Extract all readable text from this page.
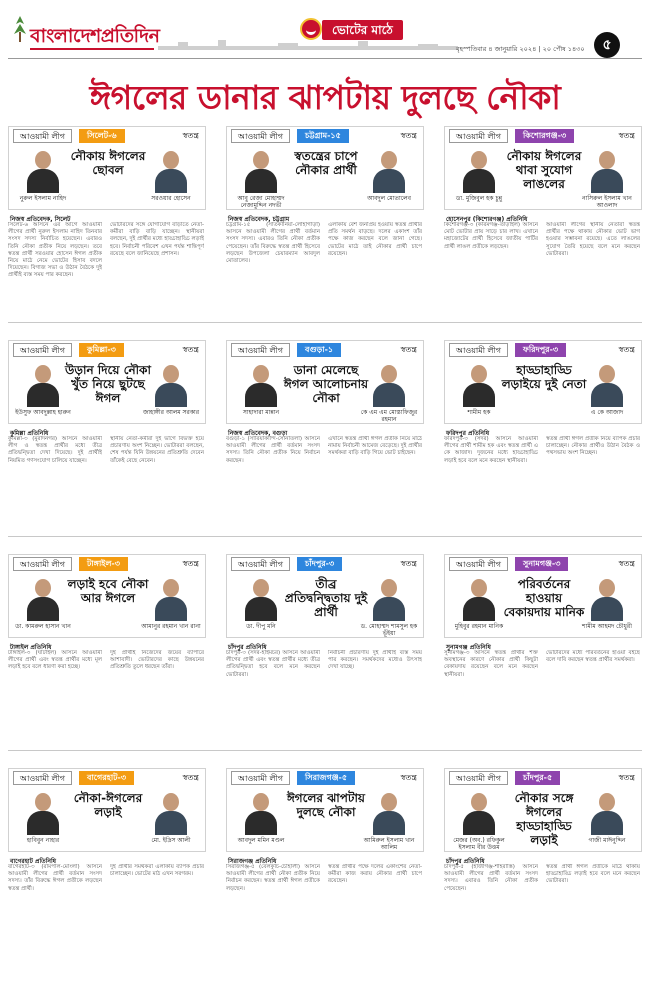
বাংলাদেশপ্রতিদিন	ভোটের মাঠে
বৃহস্পতিবার ৪ জানুয়ারি ২০২৪ | ২০ পৌষ ১৪৩০	৫
ঈগলের ডানার ঝাপটায় দুলছে নৌকা
আওয়ামী লীগ	সিলেট-৬	স্বতন্ত্র
নৌকায় ঈগলের ছোবল
নুরুল ইসলাম নাহিদ	সরওয়ার হোসেন
নিজস্ব প্রতিবেদক, সিলেট
সিলেট-৬ আসনে এর আগে আওয়ামী লীগের প্রার্থী নুরুল ইসলাম নাহিদ তিনবার সংসদ সদস্য নির্বাচিত হয়েছেন। এবারও তিনি নৌকা প্রতীক নিয়ে লড়ছেন। তবে স্বতন্ত্র প্রার্থী সরওয়ার হোসেন ঈগল প্রতীক নিয়ে মাঠে নেমে ভোটের হিসাব বদলে দিয়েছেন। বিগাজ সভা ও উঠান বৈঠকে দুই প্রার্থীই ব্যস্ত সময় পার করছেন।
ভোটারদের সঙ্গে যোগাযোগ বাড়াতে নেতা-কর্মীরা বাড়ি বাড়ি যাচ্ছেন। স্থানীয়রা বলছেন, দুই প্রার্থীর মধ্যে হাড্ডাহাড্ডি লড়াই হবে। নির্বাচনী পরিবেশ এখন পর্যন্ত শান্তিপূর্ণ রয়েছে বলে জানিয়েছে প্রশাসন।
আওয়ামী লীগ	চট্টগ্রাম-১৫	স্বতন্ত্র
স্বতন্ত্রের চাপে নৌকার প্রার্থী
আবু রেজা মোহাম্মদ নেজামুদ্দিন নদভী
আবদুল মোতালেব
নিজস্ব প্রতিবেদক, চট্টগ্রাম
চট্টগ্রাম-১৫ (সাতকানিয়া-লোহাগাড়া) আসনে আওয়ামী লীগের প্রার্থী বর্তমান সংসদ সদস্য। এবারও তিনি নৌকা প্রতীক পেয়েছেন। তাঁর বিরুদ্ধে স্বতন্ত্র প্রার্থী হিসেবে লড়ছেন উপজেলা চেয়ারম্যান আবদুল মোতালেব।
এলাকায় বেশ জনপ্রিয় হওয়ায় স্বতন্ত্র প্রার্থীর প্রতি সমর্থন বাড়ছে। দলের একাংশ তাঁর পক্ষে কাজ করছেন বলে জানা গেছে। ভোটের মাঠে তাই নৌকার প্রার্থী চাপে রয়েছেন।
আওয়ামী লীগ	কিশোরগঞ্জ-৩	স্বতন্ত্র
নৌকায় ঈগলের থাবা সুযোগ লাঙলের
ডা. মুজিবুল হক চুন্নু	নাসিরুল ইসলাম খান আওলাদ
হোসেনপুর (কিশোরগঞ্জ) প্রতিনিধি
কিশোরগঞ্জ-৩ (করিমগঞ্জ-তাড়াইল) আসনে মোট ভোটার প্রায় সাড়ে চার লাখ। এখানে মহাজোটের প্রার্থী হিসেবে জাতীয় পার্টির প্রার্থী লাঙল প্রতীকে লড়ছেন।
আওয়ামী লীগের স্থানীয় নেতারা স্বতন্ত্র প্রার্থীর পক্ষে থাকায় নৌকার ভোট ভাগ হওয়ার সম্ভাবনা রয়েছে। এতে লাঙলের সুযোগ তৈরি হয়েছে বলে মনে করছেন ভোটাররা।
আওয়ামী লীগ	কুমিল্লা-৩	স্বতন্ত্র
উড়ান দিয়ে নৌকা খুঁত নিয়ে ছুটছে ঈগল
ইউসুফ আবদুল্লাহ হারুন	জাহাঙ্গীর আলম সরকার
কুমিল্লা প্রতিনিধি
কুমিল্লা-৩ (মুরাদনগর) আসনে আওয়ামী লীগ ও স্বতন্ত্র প্রার্থীর মধ্যে তীব্র প্রতিদ্বন্দ্বিতা দেখা দিয়েছে। দুই প্রার্থীই নিয়মিত গণসংযোগ চালিয়ে যাচ্ছেন।
স্থানীয় নেতা-কর্মীরা দুই ভাগে বিভক্ত হয়ে প্রচারণায় অংশ নিচ্ছেন। ভোটাররা বলছেন, শেষ পর্যন্ত যিনি উন্নয়নের প্রতিশ্রুতি দেবেন তাঁকেই বেছে নেবেন।
আওয়ামী লীগ	বগুড়া-১	স্বতন্ত্র
ডানা মেলেছে ঈগল আলোচনায় নৌকা
সাহাদারা মান্নান	কে এম এম মোস্তাফিজুর রহমান
নিজস্ব প্রতিবেদক, বগুড়া
বগুড়া-১ (সারিয়াকান্দি-সোনাতলা) আসনে আওয়ামী লীগের প্রার্থী বর্তমান সংসদ সদস্য। তিনি নৌকা প্রতীক নিয়ে নির্বাচন করছেন।
এখানে স্বতন্ত্র প্রার্থী ঈগল প্রতীক নিয়ে মাঠে নামায় নির্বাচনী আমেজ বেড়েছে। দুই প্রার্থীর সমর্থকরা বাড়ি বাড়ি গিয়ে ভোট চাইছেন।
আওয়ামী লীগ	ফরিদপুর-৩	স্বতন্ত্র
হাড্ডাহাড্ডি লড়াইয়ে দুই নেতা
শামীম হক	এ কে আজাদ
ফরিদপুর প্রতিনিধি
ফরিদপুর-৩ (সদর) আসনে আওয়ামী লীগের প্রার্থী শামীম হক এবং স্বতন্ত্র প্রার্থী এ কে আজাদ। দুজনের মধ্যে হাড্ডাহাড্ডি লড়াই হবে বলে মনে করছেন স্থানীয়রা।
স্বতন্ত্র প্রার্থী ঈগল প্রতীক নিয়ে ব্যাপক প্রচার চালাচ্ছেন। নৌকার প্রার্থীও উঠান বৈঠক ও পথসভায় অংশ নিচ্ছেন।
আওয়ামী লীগ	টাঙ্গাইল-৩	স্বতন্ত্র
লড়াই হবে নৌকা আর ঈগলে
ডা. কামরুল হাসান খান	আমানুর রহমান খান রানা
টাঙ্গাইল প্রতিনিধি
টাঙ্গাইল-৩ (ঘাটাইল) আসনে আওয়ামী লীগের প্রার্থী এবং স্বতন্ত্র প্রার্থীর মধ্যে মূল লড়াই হবে বলে ধারণা করা হচ্ছে।
দুই প্রার্থীই নিজেদের জয়ের ব্যাপারে আশাবাদী। ভোটারদের কাছে উন্নয়নের প্রতিশ্রুতি তুলে ধরছেন তাঁরা।
আওয়ামী লীগ	চাঁদপুর-৩	স্বতন্ত্র
তীব্র প্রতিদ্বন্দ্বিতায় দুই প্রার্থী
ডা. দীপু মনি	ড. মোহাম্মদ শামসুল হক ভূঁইয়া
চাঁদপুর প্রতিনিধি
চাঁদপুর-৩ (সদর-হাইমচর) আসনে আওয়ামী লীগের প্রার্থী এবং স্বতন্ত্র প্রার্থীর মধ্যে তীব্র প্রতিদ্বন্দ্বিতা হবে বলে মনে করছেন ভোটাররা।
নির্বাচনী প্রচারণায় দুই প্রার্থীই ব্যস্ত সময় পার করছেন। সমর্থকদের মধ্যেও উৎসাহ দেখা যাচ্ছে।
আওয়ামী লীগ	সুনামগঞ্জ-৩	স্বতন্ত্র
পরিবর্তনের হাওয়ায় বেকায়দায় মানিক
মুহিবুর রহমান মানিক	শামীম আহমদ চৌধুরী
সুনামগঞ্জ প্রতিনিধি
সুনামগঞ্জ-৩ আসনে স্বতন্ত্র প্রার্থীর শক্ত অবস্থানের কারণে নৌকার প্রার্থী কিছুটা বেকায়দায় রয়েছেন বলে মনে করছেন স্থানীয়রা।
ভোটারদের মধ্যে পরিবর্তনের হাওয়া বইছে বলে দাবি করছেন স্বতন্ত্র প্রার্থীর সমর্থকরা।
আওয়ামী লীগ	বাগেরহাট-৩	স্বতন্ত্র
নৌকা-ঈগলের লড়াই
হাবিবুন নাহার	মো. ইদ্রিস আলী
বাগেরহাট প্রতিনিধি
বাগেরহাট-৩ (রামপাল-মোংলা) আসনে আওয়ামী লীগের প্রার্থী বর্তমান সংসদ সদস্য। তাঁর বিরুদ্ধে ঈগল প্রতীকে লড়ছেন স্বতন্ত্র প্রার্থী।
দুই প্রার্থীর সমর্থকরা এলাকায় ব্যাপক প্রচার চালাচ্ছেন। ভোটের মাঠ এখন সরগরম।
আওয়ামী লীগ	সিরাজগঞ্জ-৫	স্বতন্ত্র
ঈগলের ঝাপটায় দুলছে নৌকা
আবদুল মমিন মণ্ডল	আমিরুল ইসলাম খান আলিম
সিরাজগঞ্জ প্রতিনিধি
সিরাজগঞ্জ-৫ (বেলকুচি-চৌহালী) আসনে আওয়ামী লীগের প্রার্থী নৌকা প্রতীক নিয়ে নির্বাচন করছেন। স্বতন্ত্র প্রার্থী ঈগল প্রতীকে লড়ছেন।
স্বতন্ত্র প্রার্থীর পক্ষে দলের একাংশের নেতা-কর্মীরা কাজ করায় নৌকার প্রার্থী চাপে রয়েছেন।
আওয়ামী লীগ	চাঁদপুর-৫	স্বতন্ত্র
নৌকার সঙ্গে ঈগলের হাড্ডাহাড্ডি লড়াই
মেজর (অব.) রফিকুল ইসলাম বীর উত্তম
গাজী মাঈনুদ্দিন
চাঁদপুর প্রতিনিধি
চাঁদপুর-৫ (হাজীগঞ্জ-শাহরাস্তি) আসনে আওয়ামী লীগের প্রার্থী বর্তমান সংসদ সদস্য। এবারও তিনি নৌকা প্রতীক পেয়েছেন।
স্বতন্ত্র প্রার্থী ঈগল প্রতীকে মাঠে থাকায় হাড্ডাহাড্ডি লড়াই হবে বলে মনে করছেন ভোটাররা।
